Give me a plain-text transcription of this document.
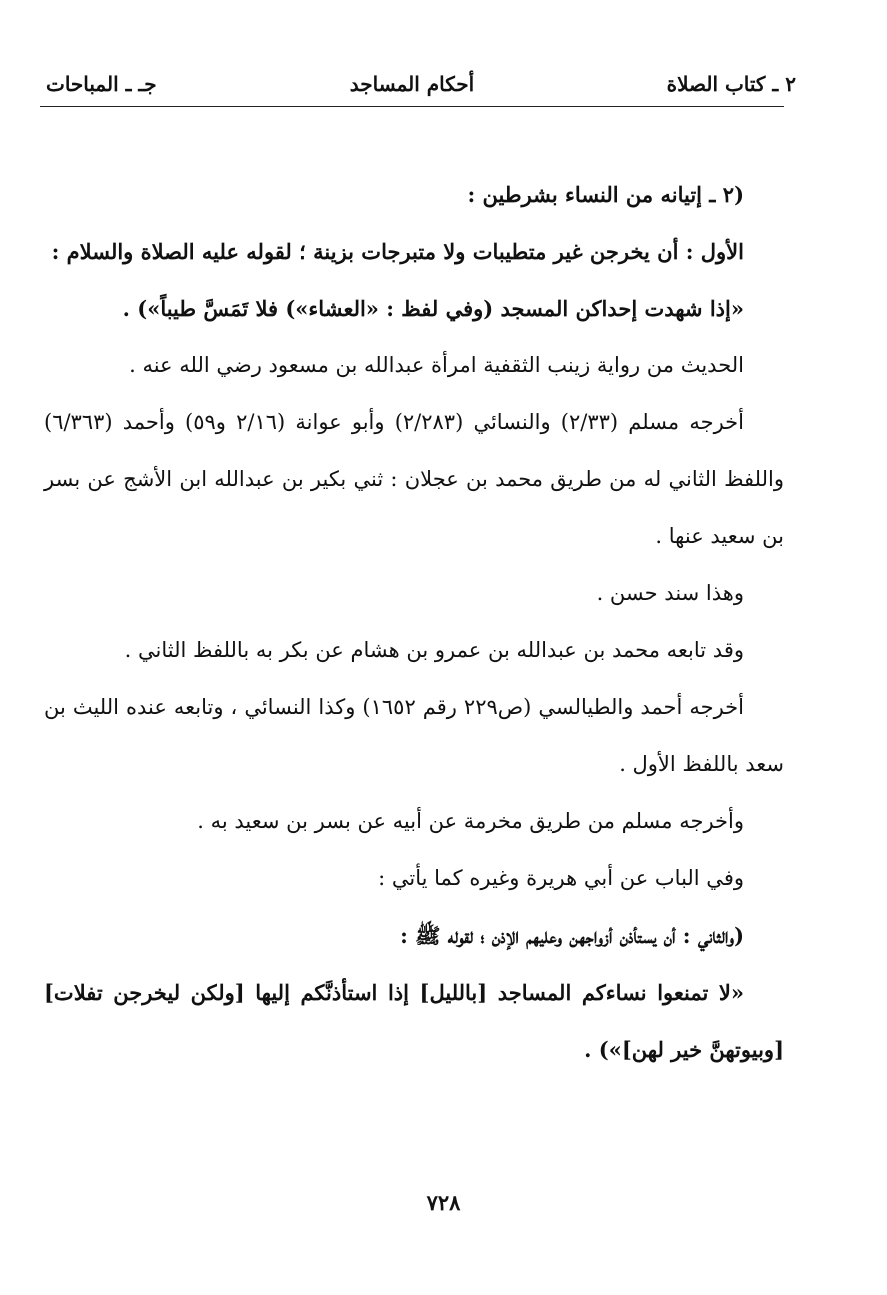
٢ ـ كتاب الصلاة
أحكام المساجد
جـ ـ المباحات

(٢ ـ إتيانه من النساء بشرطين :

الأول : أن يخرجن غير متطيبات ولا متبرجات بزينة ؛ لقوله عليه الصلاة والسلام :

«إذا شهدت إحداكن المسجد (وفي لفظ : «العشاء») فلا تَمَسَّ طيباً») .

الحديث من رواية زينب الثقفية امرأة عبدالله بن مسعود رضي الله عنه .

أخرجه مسلم (٢/٣٣) والنسائي (٢/٢٨٣) وأبو عوانة (٢/١٦ و٥٩) وأحمد (٦/٣٦٣) واللفظ الثاني له من طريق محمد بن عجلان : ثني بكير بن عبدالله ابن الأشج عن بسر بن سعيد عنها .

وهذا سند حسن .

وقد تابعه محمد بن عبدالله بن عمرو بن هشام عن بكر به باللفظ الثاني .

أخرجه أحمد والطيالسي (ص٢٢٩ رقم ١٦٥٢) وكذا النسائي ، وتابعه عنده الليث بن سعد باللفظ الأول .

وأخرجه مسلم من طريق مخرمة عن أبيه عن بسر بن سعيد به .

وفي الباب عن أبي هريرة وغيره كما يأتي :

(والثاني : أن يستأذن أزواجهن وعليهم الإذن ؛ لقوله ﷺ :

«لا تمنعوا نساءكم المساجد [بالليل] إذا استأذنَّكم إليها [ولكن ليخرجن تفلات] [وبيوتهنَّ خير لهن]») .

٧٢٨
